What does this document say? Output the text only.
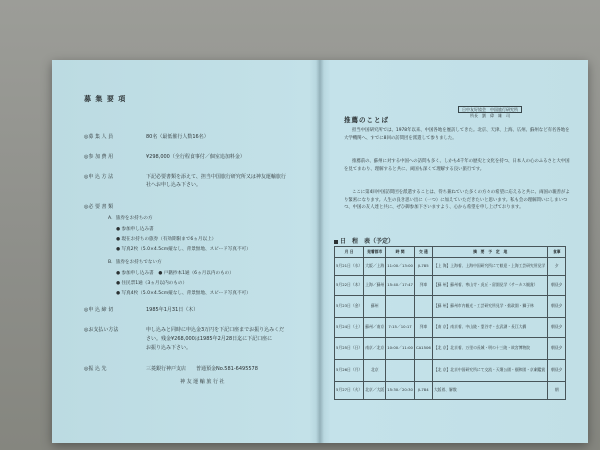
募 集 要 項
◎募 集 人 員	80名（最低催行人数16名）
◎参 加 費 用	¥298,000（全行程食事付／個室追加料金）
◎申 込 方 法	下記必要書類を添えて、担当中国旅行研究所又は神友運輸旅行
社へお申し込み下さい。
◎必 要 書 類
A．旅券をお持ちの方
● 参加申し込み書
● 現在お持ちの旅券（有効期限まで6ヵ月以上）
● 写真2枚（5.0×4.5cm縦なし、背景無地、スピード写真不可）
B．旅券をお持ちでない方
● 参加申し込み書　● 戸籍抄本1通（6ヵ月以内のもの）
● 住民票1通（3ヵ月以内のもの）
● 写真4枚（5.0×4.5cm縦なし、背景無地、スピード写真不可）
◎申 込 締 切	1985年1月31日（木）
◎お支払い方法	申し込みと同時に申込金3万円を下記口座までお振り込みくだ
さい。残金¥268,000は1985年2月28日迄に下記口座に
お振り込み下さい。
◎振 込 先	三菱銀行神戸支店　　普通預金No.581-6495578
神 友 運 輸 旅 行 社
日中友好協会　中国旅行研究所
所長　劉　偉　雄　司
推薦のことば
担当中国研究所では、1978年以来、中国各地を歴訪してきた。北京、天津、上海、広州、蘇州など有名各地を大学機関へ、すでに8回の訪問団を派遣して参りました。
推薦前の、蘇州に対する中国への訪問も多く、しかも4千年の歴史と文化を持つ、日本人の心のふるさと大中国を見てまわり、理解すると共に、両国も深くて理解する良い旅行です。
ここに第4回中国訪問団を派遣することは、待ち兼ねていた多くの方々の希望に応えると共に、両国の親善がより緊密になります。人生の良き思い出に（一つ）に加えていただきたいと思います。私も会の理解問いにしまいつつ、中国の友人達と共に、ぜひ御参加下さいますよう、心から希望を申し上げております。
日　程　表（予定）
月 日	発着都市	時 間	交 通	摘　要　予　定　地	食事
5月21日（水）	大阪／上海	11:00／13:00	JL785	【上 海】上海着、上海中国研究所にて歓迎・上海工芸研究所見学	夕
5月22日（木）	上海／蘇州	15:40／17:47	列車	【蘇 州】蘇州着、寒山寺・虎丘・留園見学（サーカス観賞）	朝昼夕
5月23日（金）	蘇州			【蘇 州】蘇州市内観光・工芸研究所見学・拙政園・獅子林	朝昼夕
5月24日（土）	蘇州／南京	7:15／10:17	列車	【南 京】南京着、中山陵・霊谷寺・玄武湖・長江大橋	朝昼夕
5月25日（日）	南京／北京	10:00／11:00	CA1506	【北 京】北京着、万里の長城・明の十三陵・故宮博物院	朝昼夕
5月26日（月）	北京			【北 京】北京中国研究所にて交流・天壇公園・頤和園・京劇鑑賞	朝昼夕
5月27日（火）	北京／大阪	15:30／20:30	JL784	大阪着、解散	朝
